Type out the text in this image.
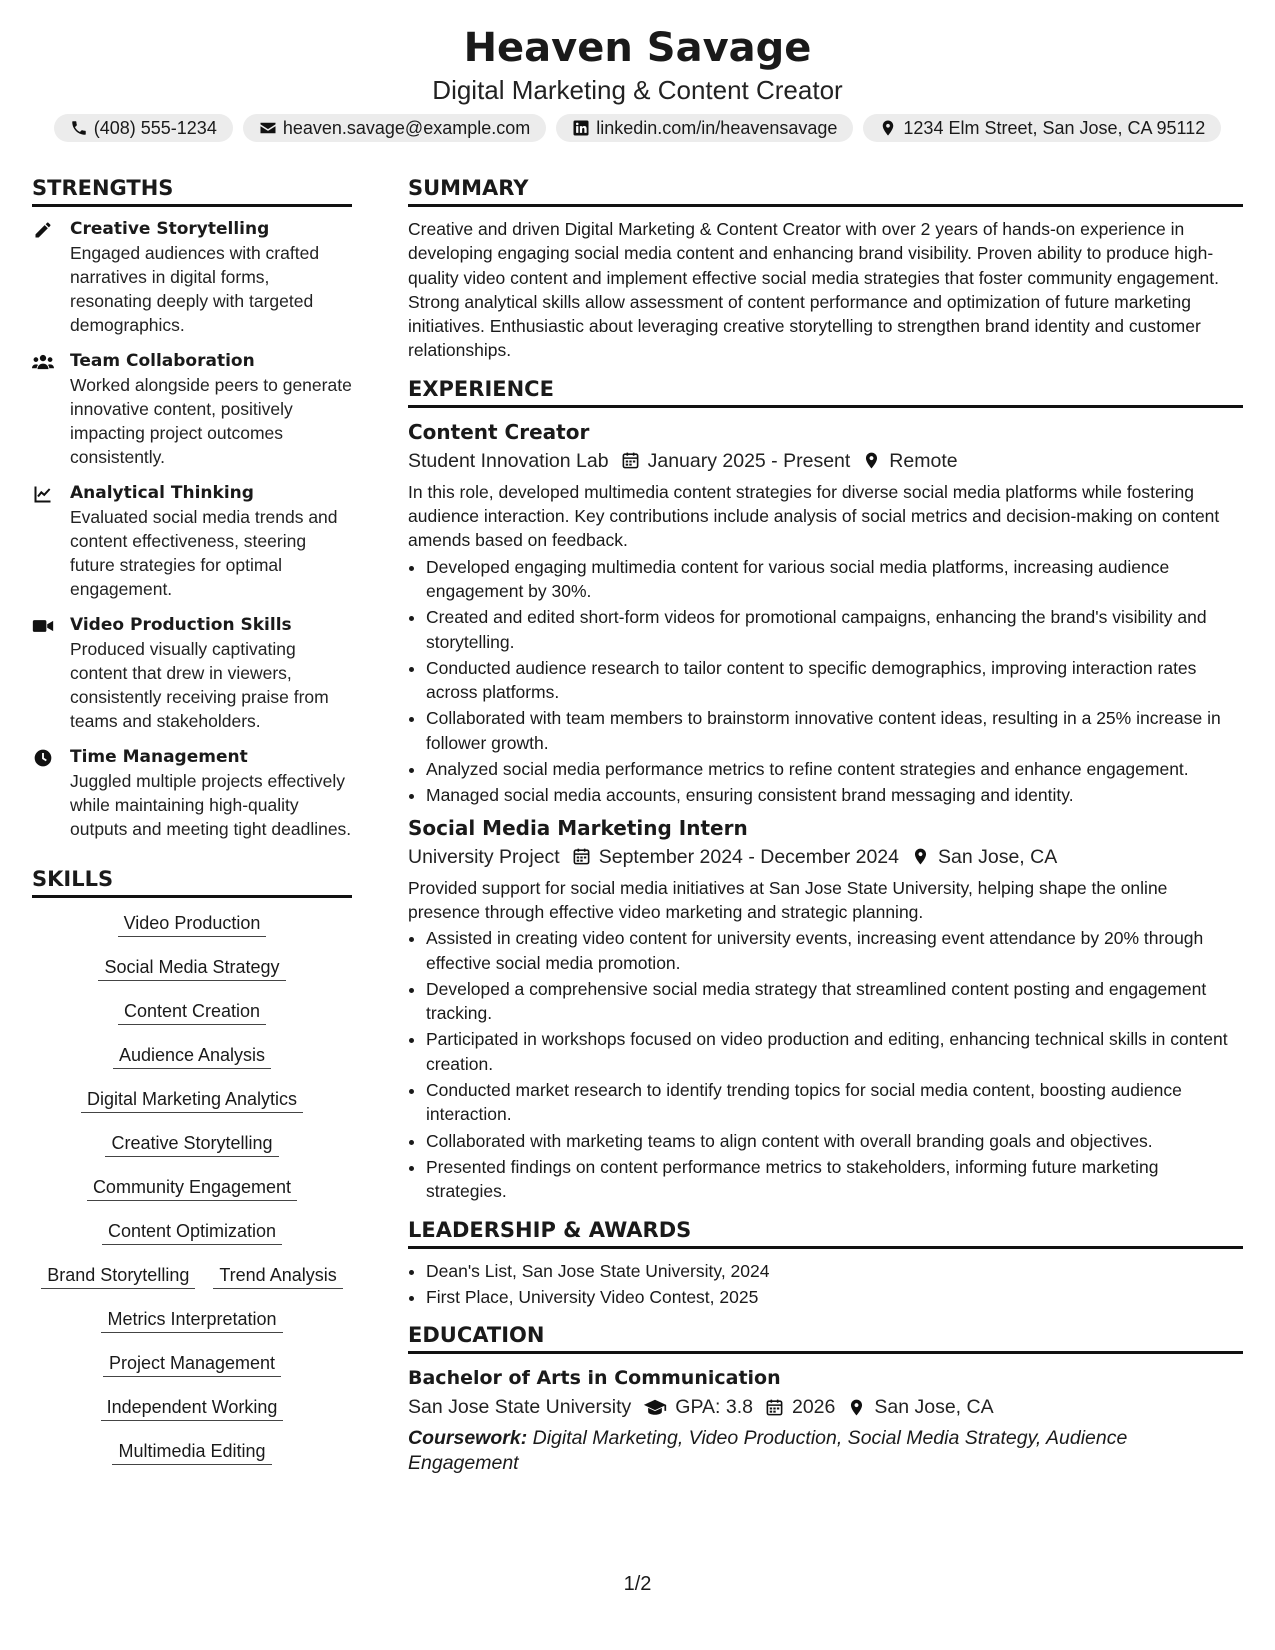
Heaven Savage
Digital Marketing & Content Creator
(408) 555-1234	heaven.savage@example.com	linkedin.com/in/heavensavage	1234 Elm Street, San Jose, CA 95112
STRENGTHS
Creative Storytelling
Engaged audiences with crafted narratives in digital forms, resonating deeply with targeted demographics.
Team Collaboration
Worked alongside peers to generate innovative content, positively impacting project outcomes consistently.
Analytical Thinking
Evaluated social media trends and content effectiveness, steering future strategies for optimal engagement.
Video Production Skills
Produced visually captivating content that drew in viewers, consistently receiving praise from teams and stakeholders.
Time Management
Juggled multiple projects effectively while maintaining high-quality outputs and meeting tight deadlines.
SKILLS
Video Production
Social Media Strategy
Content Creation
Audience Analysis
Digital Marketing Analytics
Creative Storytelling
Community Engagement
Content Optimization
Brand Storytelling	Trend Analysis
Metrics Interpretation
Project Management
Independent Working
Multimedia Editing
SUMMARY
Creative and driven Digital Marketing & Content Creator with over 2 years of hands-on experience in developing engaging social media content and enhancing brand visibility. Proven ability to produce high-quality video content and implement effective social media strategies that foster community engagement. Strong analytical skills allow assessment of content performance and optimization of future marketing initiatives. Enthusiastic about leveraging creative storytelling to strengthen brand identity and customer relationships.
EXPERIENCE
Content Creator
Student Innovation Lab January 2025 - Present Remote
In this role, developed multimedia content strategies for diverse social media platforms while fostering audience interaction. Key contributions include analysis of social metrics and decision-making on content amends based on feedback.
• Developed engaging multimedia content for various social media platforms, increasing audience engagement by 30%.
• Created and edited short-form videos for promotional campaigns, enhancing the brand's visibility and storytelling.
• Conducted audience research to tailor content to specific demographics, improving interaction rates across platforms.
• Collaborated with team members to brainstorm innovative content ideas, resulting in a 25% increase in follower growth.
• Analyzed social media performance metrics to refine content strategies and enhance engagement.
• Managed social media accounts, ensuring consistent brand messaging and identity.
Social Media Marketing Intern
University Project September 2024 - December 2024 San Jose, CA
Provided support for social media initiatives at San Jose State University, helping shape the online presence through effective video marketing and strategic planning.
• Assisted in creating video content for university events, increasing event attendance by 20% through effective social media promotion.
• Developed a comprehensive social media strategy that streamlined content posting and engagement tracking.
• Participated in workshops focused on video production and editing, enhancing technical skills in content creation.
• Conducted market research to identify trending topics for social media content, boosting audience interaction.
• Collaborated with marketing teams to align content with overall branding goals and objectives.
• Presented findings on content performance metrics to stakeholders, informing future marketing strategies.
LEADERSHIP & AWARDS
• Dean's List, San Jose State University, 2024
• First Place, University Video Contest, 2025
EDUCATION
Bachelor of Arts in Communication
San Jose State University GPA: 3.8 2026 San Jose, CA
Coursework: Digital Marketing, Video Production, Social Media Strategy, Audience Engagement
1/2
